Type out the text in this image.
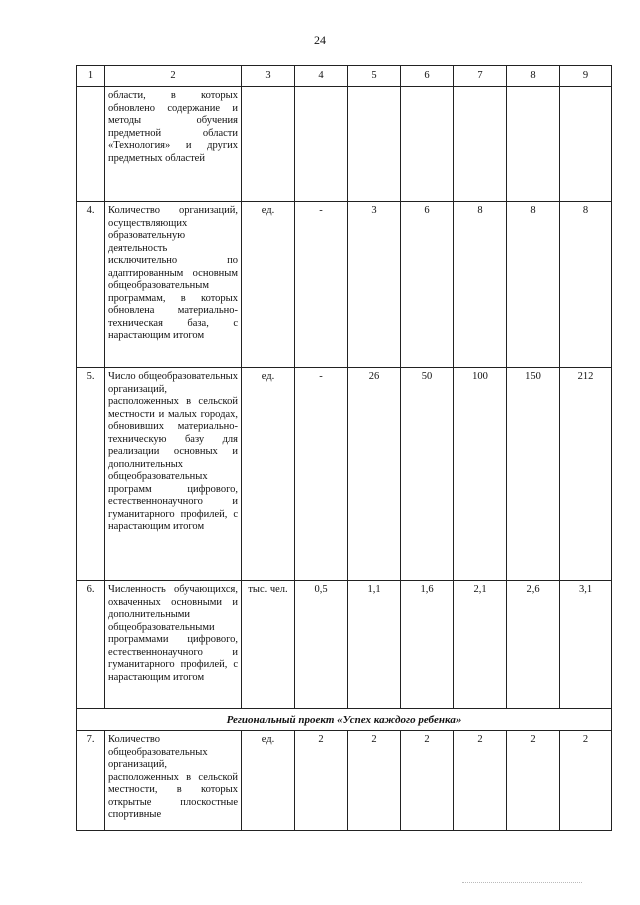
24
1	2	3	4	5	6	7	8	9
	области, в которых обновлено содержание и методы обучения предметной области «Технология» и других предметных областей							
4.	Количество организаций, осуществляющих образовательную деятельность исключительно по адаптированным основным общеобразовательным программам, в которых обновлена материально-техническая база, с нарастающим итогом	ед.	-	3	6	8	8	8
5.	Число общеобразовательных организаций, расположенных в сельской местности и малых городах, обновивших материально-техническую базу для реализации основных и дополнительных общеобразовательных программ цифрового, естественнонаучного и гуманитарного профилей, с нарастающим итогом	ед.	-	26	50	100	150	212
6.	Численность обучающихся, охваченных основными и дополнительными общеобразовательными программами цифрового, естественнонаучного и гуманитарного профилей, с нарастающим итогом	тыс. чел.	0,5	1,1	1,6	2,1	2,6	3,1
Региональный проект «Успех каждого ребенка»								
7.	Количество общеобразовательных организаций, расположенных в сельской местности, в которых открытые плоскостные спортивные	ед.	2	2	2	2	2	2
